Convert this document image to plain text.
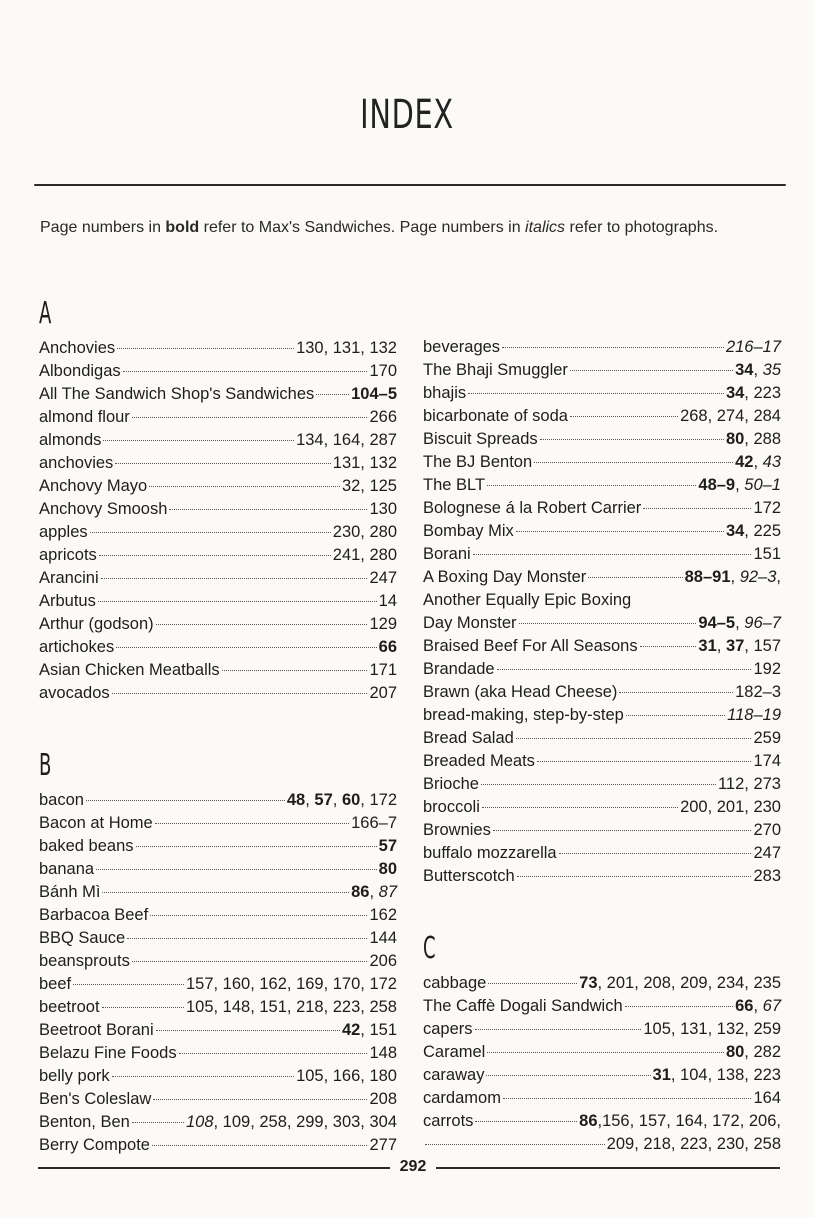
INDEX
Page numbers in bold refer to Max's Sandwiches. Page numbers in italics refer to photographs.
A
Anchovies	130, 131, 132
Albondigas	170
All The Sandwich Shop's Sandwiches 104–5
almond flour	266
almonds	134, 164, 287
anchovies	131, 132
Anchovy Mayo	32, 125
Anchovy Smoosh	130
apples	230, 280
apricots	241, 280
Arancini	247
Arbutus	14
Arthur (godson)	129
artichokes	66
Asian Chicken Meatballs	171
avocados	207
B
bacon	48, 57, 60, 172
Bacon at Home	166–7
baked beans	57
banana	80
Bánh Mì	86, 87
Barbacoa Beef	162
BBQ Sauce	144
beansprouts	206
beef	157, 160, 162, 169, 170, 172
beetroot	105, 148, 151, 218, 223, 258
Beetroot Borani	42, 151
Belazu Fine Foods	148
belly pork	105, 166, 180
Ben's Coleslaw	208
Benton, Ben	108, 109, 258, 299, 303, 304
Berry Compote	277
beverages	216–17
The Bhaji Smuggler	34, 35
bhajis	34, 223
bicarbonate of soda	268, 274, 284
Biscuit Spreads	80, 288
The BJ Benton	42, 43
The BLT	48–9, 50–1
Bolognese á la Robert Carrier	172
Bombay Mix	34, 225
Borani	151
A Boxing Day Monster	88–91, 92–3,
Another Equally Epic Boxing
Day Monster	94–5, 96–7
Braised Beef For All Seasons	31, 37, 157
Brandade	192
Brawn (aka Head Cheese)	182–3
bread-making, step-by-step	118–19
Bread Salad	259
Breaded Meats	174
Brioche	112, 273
broccoli	200, 201, 230
Brownies	270
buffalo mozzarella	247
Butterscotch	283
C
cabbage	73, 201, 208, 209, 234, 235
The Caffè Dogali Sandwich	66, 67
capers	105, 131, 132, 259
Caramel	80, 282
caraway	31, 104, 138, 223
cardamom	164
carrots	86,156, 157, 164, 172, 206,
209, 218, 223, 230, 258
292
